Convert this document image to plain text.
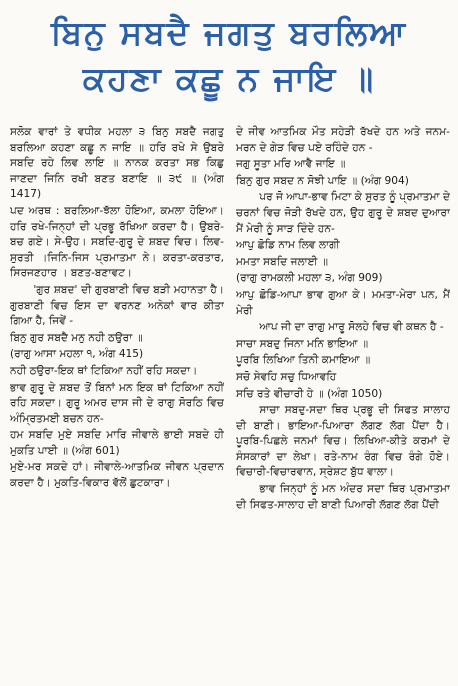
ਬਿਨੁ ਸਬਦੈ ਜਗਤੁ ਬਰਲਿਆ
ਕਹਣਾ ਕਛੂ ਨ ਜਾਇ ॥

ਸਲੋਕ ਵਾਰਾਂ ਤੇ ਵਧੀਕ ਮਹਲਾ ੩ ਬਿਨੁ ਸਬਦੈ ਜਗਤੁ ਬਰਲਿਆ ਕਹਣਾ ਕਛੂ ਨ ਜਾਇ ॥ ਹਰਿ ਰਖੇ ਸੇ ਉਬਰੇ ਸਬਦਿ ਰਹੇ ਲਿਵ ਲਾਇ ॥ ਨਾਨਕ ਕਰਤਾ ਸਭ ਕਿਛੁ ਜਾਣਦਾ ਜਿਨਿ ਰਖੀ ਬਣਤ ਬਣਾਇ ॥ ੩੯ ॥ (ਅੰਗ 1417)

ਪਦ ਅਰਥ : ਬਰਲਿਆ-ਝੱਲਾ ਹੋਇਆ, ਕਮਲਾ ਹੋਇਆ। ਹਰਿ ਰਖੇ-ਜਿਨ੍ਹਾਂ ਦੀ ਪ੍ਰਭੂ ਰੱਖਿਆ ਕਰਦਾ ਹੈ। ਉਬਰੇ-ਬਚ ਗਏ। ਸੇ-ਉਹ। ਸਬਦਿ-ਗੁਰੂ ਦੇ ਸ਼ਬਦ ਵਿਚ। ਲਿਵ-ਸੁਰਤੀ ।ਜਿਨਿ-ਜਿਸ ਪ੍ਰਮਾਤਮਾ ਨੇ। ਕਰਤਾ-ਕਰਤਾਰ, ਸਿਰਜਣਹਾਰ । ਬਣਤ-ਬਣਾਵਟ।

'ਗੁਰ ਸ਼ਬਦ' ਦੀ ਗੁਰਬਾਣੀ ਵਿਚ ਬੜੀ ਮਹਾਨਤਾ ਹੈ। ਗੁਰਬਾਣੀ ਵਿਚ ਇਸ ਦਾ ਵਰਨਣ ਅਨੇਕਾਂ ਵਾਰ ਕੀਤਾ ਗਿਆ ਹੈ, ਜਿਵੇਂ -

ਬਿਨੁ ਗੁਰ ਸਬਦੈ ਮਨੁ ਨਹੀ ਠਉਰਾ ॥

(ਰਾਗੁ ਆਸਾ ਮਹਲਾ ੧, ਅੰਗ 415)

ਨਹੀ ਠਉਰਾ-ਇਕ ਥਾਂ ਟਿਕਿਆ ਨਹੀਂ ਰਹਿ ਸਕਦਾ।

ਭਾਵ ਗੁਰੂ ਦੇ ਸ਼ਬਦ ਤੋਂ ਬਿਨਾਂ ਮਨ ਇਕ ਥਾਂ ਟਿਕਿਆ ਨਹੀਂ ਰਹਿ ਸਕਦਾ। ਗੁਰੂ ਅਮਰ ਦਾਸ ਜੀ ਦੇ ਰਾਗੁ ਸੋਰਠਿ ਵਿਚ ਅੰਮ੍ਰਿਤਮਈ ਬਚਨ ਹਨ-

ਹਮ ਸਬਦਿ ਮੁਏ ਸਬਦਿ ਮਾਰਿ ਜੀਵਾਲੇ ਭਾਈ ਸਬਦੇ ਹੀ ਮੁਕਤਿ ਪਾਈ ॥ (ਅੰਗ 601)

ਮੁਏ-ਮਰ ਸਕਦੇ ਹਾਂ। ਜੀਵਾਲੇ-ਆਤਮਿਕ ਜੀਵਨ ਪ੍ਰਦਾਨ ਕਰਦਾ ਹੈ। ਮੁਕਤਿ-ਵਿਕਾਰ ਵੱਲੋਂ ਛੁਟਕਾਰਾ।

ਦੇ ਜੀਵ ਆਤਮਿਕ ਮੌਤ ਸਹੇੜੀ ਰੱਖਦੇ ਹਨ ਅਤੇ ਜਨਮ-ਮਰਨ ਦੇ ਗੇੜ ਵਿਚ ਪਏ ਰਹਿੰਦੇ ਹਨ -

ਜਗੁ ਸੂਤਾ ਮਰਿ ਆਵੈ ਜਾਇ ॥

ਬਿਨੁ ਗੁਰ ਸਬਦ ਨ ਸੋਝੀ ਪਾਇ ॥ (ਅੰਗ 904)

ਪਰ ਜੋ ਆਪਾ-ਭਾਵ ਮਿਟਾ ਕੇ ਸੁਰਤ ਨੂੰ ਪ੍ਰਮਾਤਮਾ ਦੇ ਚਰਨਾਂ ਵਿਚ ਜੋੜੀ ਰੱਖਦੇ ਹਨ, ਉਹ ਗੁਰੂ ਦੇ ਸ਼ਬਦ ਦੁਆਰਾ ਮੈਂ ਮੇਰੀ ਨੂੰ ਸਾੜ ਦਿੰਦੇ ਹਨ-

ਆਪੁ ਛੋਡਿ ਨਾਮ ਲਿਵ ਲਾਗੀ

ਮਮਤਾ ਸਬਦਿ ਜਲਾਈ ॥

(ਰਾਗੁ ਰਾਮਕਲੀ ਮਹਲਾ ੩, ਅੰਗ 909)

ਆਪੁ ਛੋਡਿ-ਆਪਾ ਭਾਵ ਗੁਆ ਕੇ। ਮਮਤਾ-ਮੇਰਾ ਪਨ, ਮੈਂ ਮੇਰੀ

ਆਪ ਜੀ ਦਾ ਰਾਗੁ ਮਾਰੂ ਸੋਲਹੇ ਵਿਚ ਵੀ ਕਥਨ ਹੈ -

ਸਾਚਾ ਸਬਦੁ ਜਿਨਾ ਮਨਿ ਭਾਇਆ ॥

ਪੂਰਬਿ ਲਿਖਿਆ ਤਿਨੀ ਕਮਾਇਆ ॥

ਸਚੋ ਸੇਵਹਿ ਸਚੁ ਧਿਆਵਹਿ

ਸਚਿ ਰਤੇ ਵੀਚਾਰੀ ਹੇ ॥ (ਅੰਗ 1050)

ਸਾਚਾ ਸਬਦੁ-ਸਦਾ ਥਿਰ ਪ੍ਰਭੂ ਦੀ ਸਿਫਤ ਸਾਲਾਹ ਦੀ ਬਾਣੀ। ਭਾਇਆ-ਪਿਆਰਾ ਲੱਗਣ ਲੱਗ ਪੈਂਦਾ ਹੈ। ਪੂਰਬਿ-ਪਿਛਲੇ ਜਨਮਾਂ ਵਿਚ। ਲਿਖਿਆ-ਕੀਤੇ ਕਰਮਾਂ ਦੇ ਸੰਸਕਾਰਾਂ ਦਾ ਲੇਖਾ। ਰਤੇ-ਨਾਮ ਰੰਗ ਵਿਚ ਰੰਗੇ ਹੋਏ। ਵਿਚਾਰੀ-ਵਿਚਾਰਵਾਨ, ਸ੍ਰੇਸ਼ਟ ਬੁੱਧ ਵਾਲਾ।

ਭਾਵ ਜਿਨ੍ਹਾਂ ਨੂੰ ਮਨ ਅੰਦਰ ਸਦਾ ਥਿਰ ਪ੍ਰਮਾਤਮਾ ਦੀ ਸਿਫਤ-ਸਾਲਾਹ ਦੀ ਬਾਣੀ ਪਿਆਰੀ ਲੱਗਣ ਲੱਗ ਪੈਂਦੀ
